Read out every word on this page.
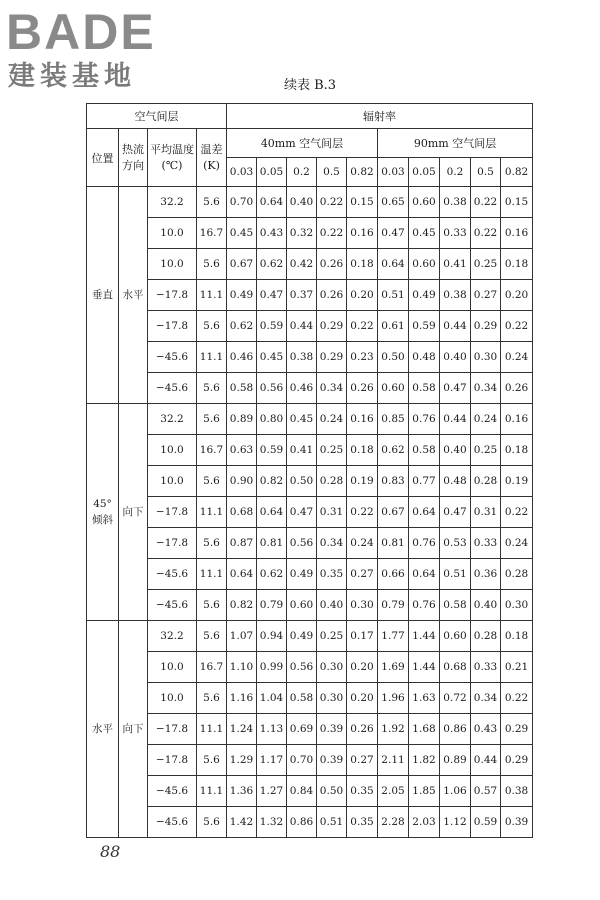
BADE
建装基地	续表 B.3
空气间层				辐射率									
位置	热流方向	平均温度(℃)	温差(K)	40mm 空气间层					90mm 空气间层				
				0.03	0.05	0.2	0.5	0.82	0.03	0.05	0.2	0.5	0.82
垂直	水平	32.2	5.6	0.70	0.64	0.40	0.22	0.15	0.65	0.60	0.38	0.22	0.15
		10.0	16.7	0.45	0.43	0.32	0.22	0.16	0.47	0.45	0.33	0.22	0.16
		10.0	5.6	0.67	0.62	0.42	0.26	0.18	0.64	0.60	0.41	0.25	0.18
		−17.8	11.1	0.49	0.47	0.37	0.26	0.20	0.51	0.49	0.38	0.27	0.20
		−17.8	5.6	0.62	0.59	0.44	0.29	0.22	0.61	0.59	0.44	0.29	0.22
		−45.6	11.1	0.46	0.45	0.38	0.29	0.23	0.50	0.48	0.40	0.30	0.24
		−45.6	5.6	0.58	0.56	0.46	0.34	0.26	0.60	0.58	0.47	0.34	0.26
45° 倾斜	向下	32.2	5.6	0.89	0.80	0.45	0.24	0.16	0.85	0.76	0.44	0.24	0.16
		10.0	16.7	0.63	0.59	0.41	0.25	0.18	0.62	0.58	0.40	0.25	0.18
		10.0	5.6	0.90	0.82	0.50	0.28	0.19	0.83	0.77	0.48	0.28	0.19
		−17.8	11.1	0.68	0.64	0.47	0.31	0.22	0.67	0.64	0.47	0.31	0.22
		−17.8	5.6	0.87	0.81	0.56	0.34	0.24	0.81	0.76	0.53	0.33	0.24
		−45.6	11.1	0.64	0.62	0.49	0.35	0.27	0.66	0.64	0.51	0.36	0.28
		−45.6	5.6	0.82	0.79	0.60	0.40	0.30	0.79	0.76	0.58	0.40	0.30
水平	向下	32.2	5.6	1.07	0.94	0.49	0.25	0.17	1.77	1.44	0.60	0.28	0.18
		10.0	16.7	1.10	0.99	0.56	0.30	0.20	1.69	1.44	0.68	0.33	0.21
		10.0	5.6	1.16	1.04	0.58	0.30	0.20	1.96	1.63	0.72	0.34	0.22
		−17.8	11.1	1.24	1.13	0.69	0.39	0.26	1.92	1.68	0.86	0.43	0.29
		−17.8	5.6	1.29	1.17	0.70	0.39	0.27	2.11	1.82	0.89	0.44	0.29
		−45.6	11.1	1.36	1.27	0.84	0.50	0.35	2.05	1.85	1.06	0.57	0.38
		−45.6	5.6	1.42	1.32	0.86	0.51	0.35	2.28	2.03	1.12	0.59	0.39
88
